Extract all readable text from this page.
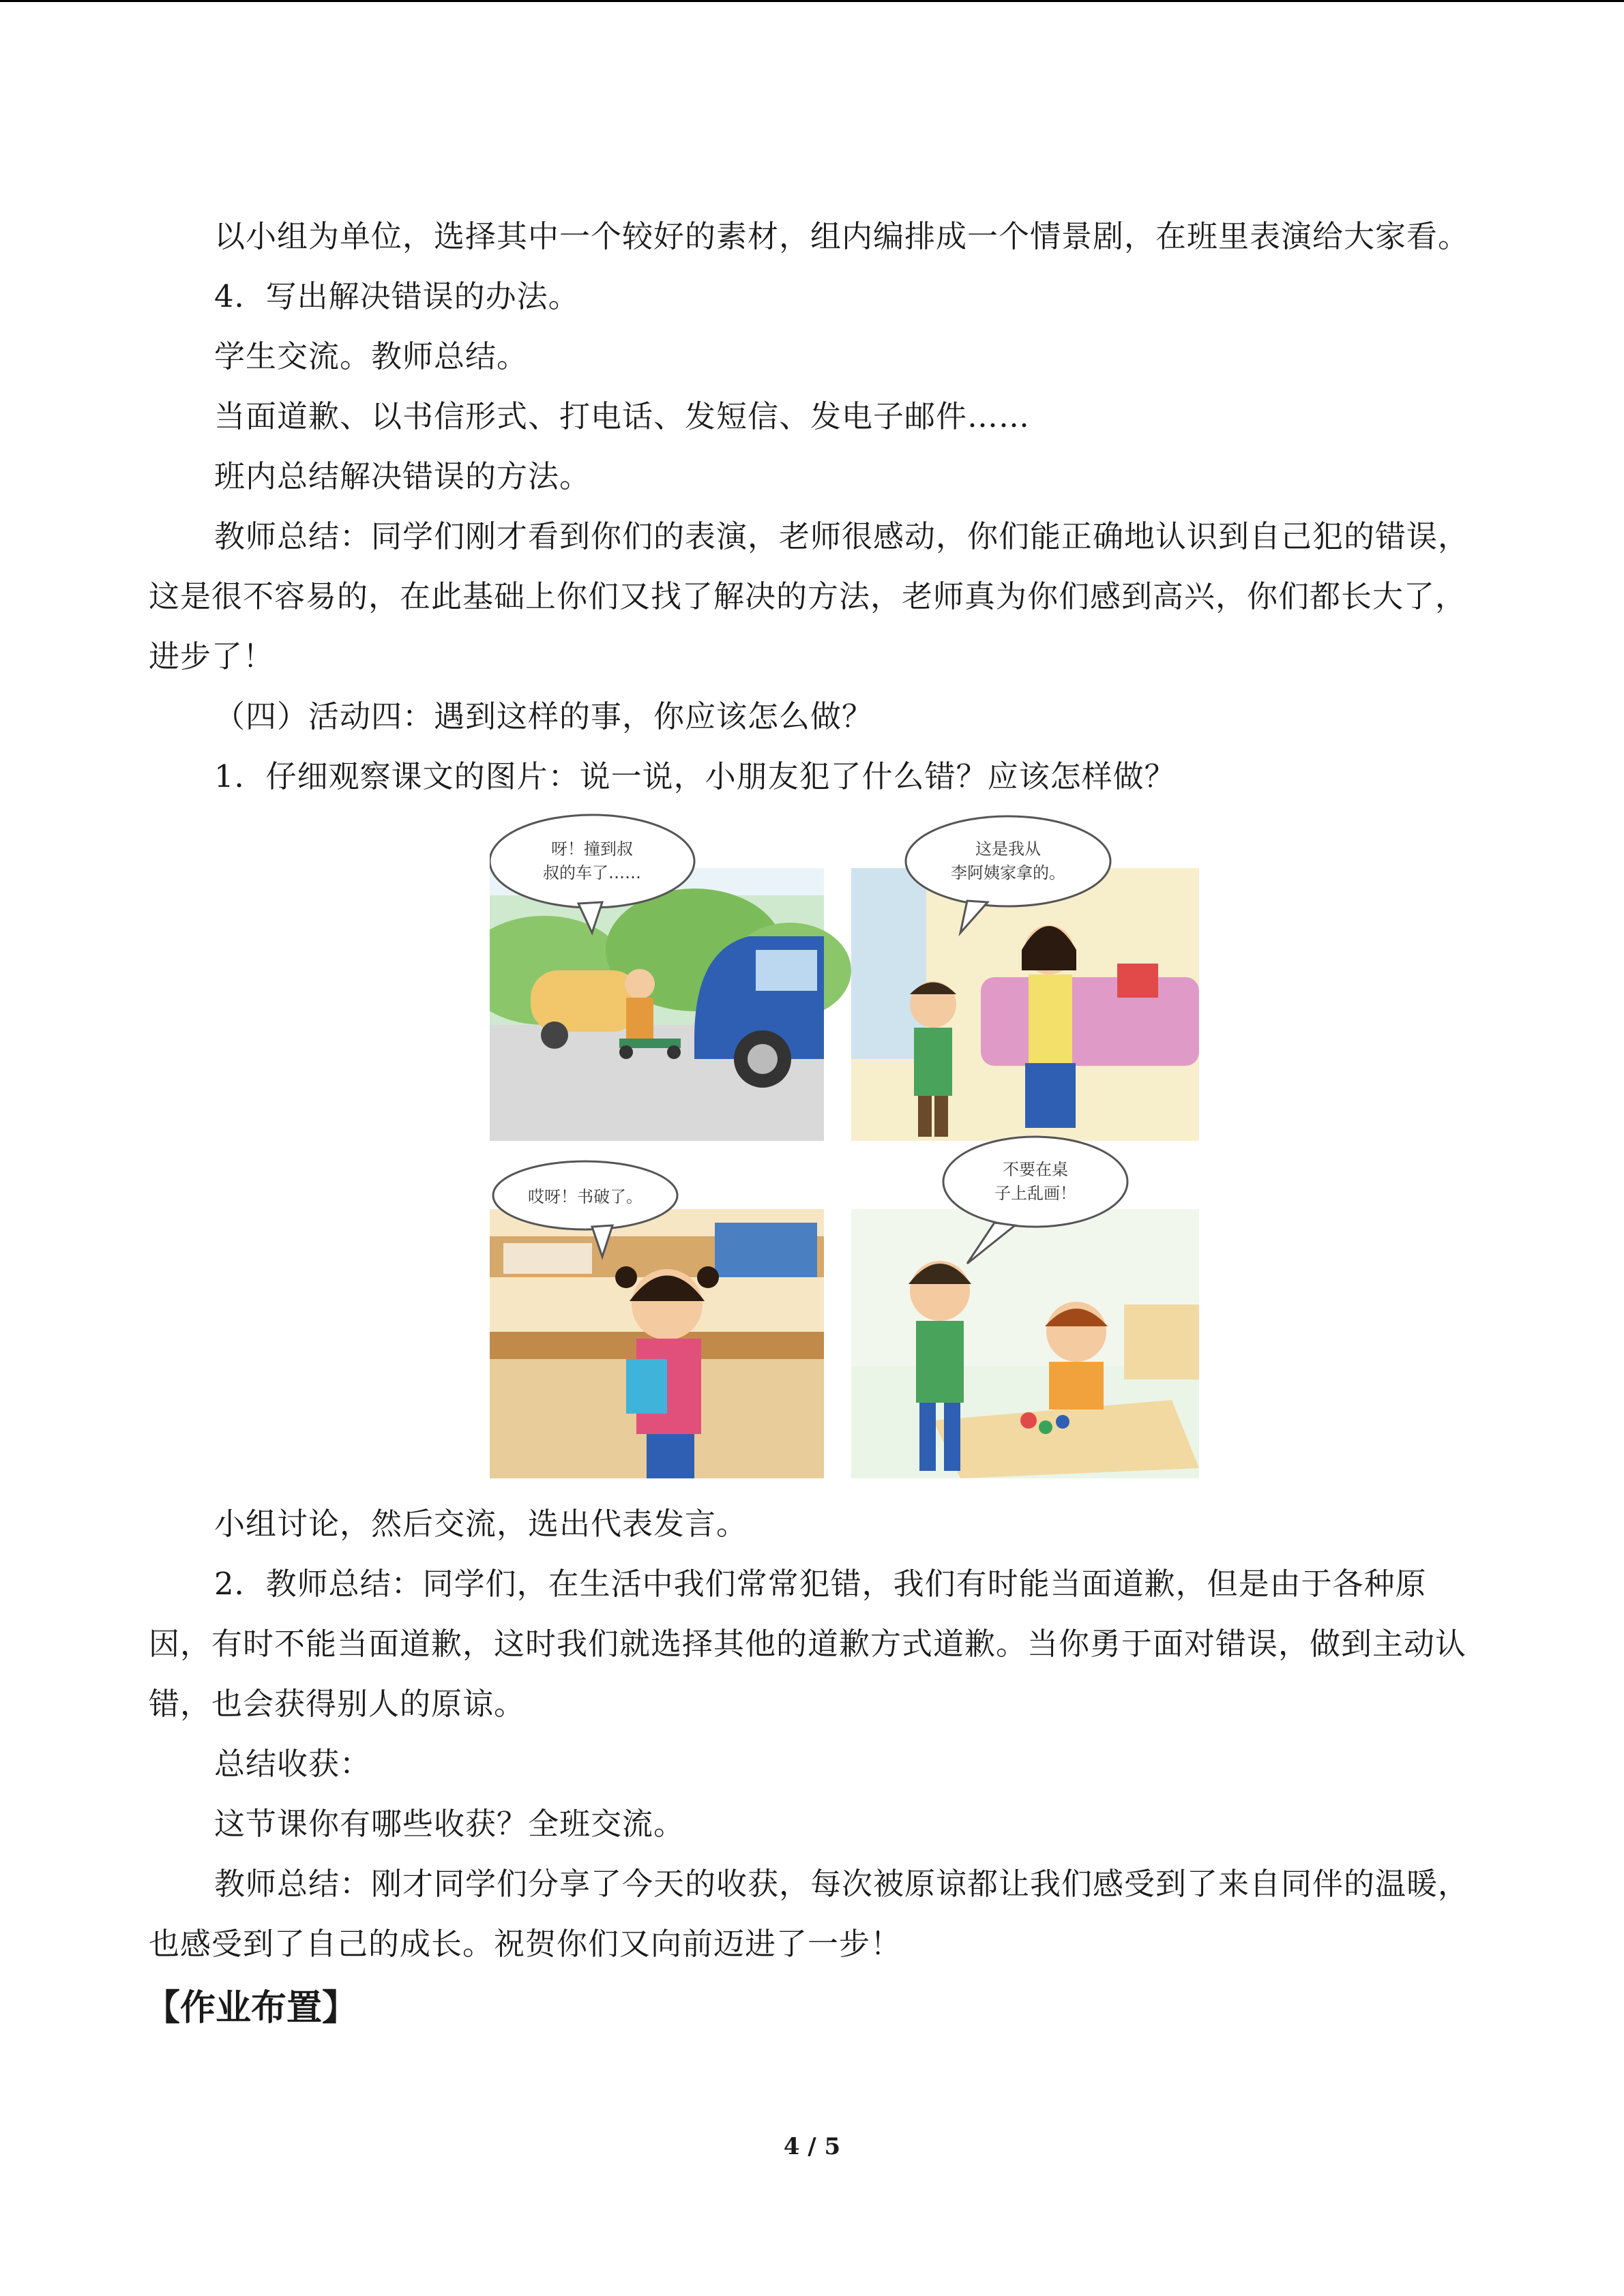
以小组为单位，选择其中一个较好的素材，组内编排成一个情景剧，在班里表演给大家看。

4．写出解决错误的办法。

学生交流。教师总结。

当面道歉、以书信形式、打电话、发短信、发电子邮件……

班内总结解决错误的方法。

教师总结：同学们刚才看到你们的表演，老师很感动，你们能正确地认识到自己犯的错误，这是很不容易的，在此基础上你们又找了解决的方法，老师真为你们感到高兴，你们都长大了，进步了！

（四）活动四：遇到这样的事，你应该怎么做？

1．仔细观察课文的图片：说一说，小朋友犯了什么错？应该怎样做？

呀！撞到叔
叔的车了……
这是我从
李阿姨家拿的。
哎呀！书破了。
不要在桌
子上乱画！

小组讨论，然后交流，选出代表发言。

2．教师总结：同学们，在生活中我们常常犯错，我们有时能当面道歉，但是由于各种原因，有时不能当面道歉，这时我们就选择其他的道歉方式道歉。当你勇于面对错误，做到主动认错，也会获得别人的原谅。

总结收获：

这节课你有哪些收获？全班交流。

教师总结：刚才同学们分享了今天的收获，每次被原谅都让我们感受到了来自同伴的温暖，也感受到了自己的成长。祝贺你们又向前迈进了一步！

【作业布置】
4 / 5
